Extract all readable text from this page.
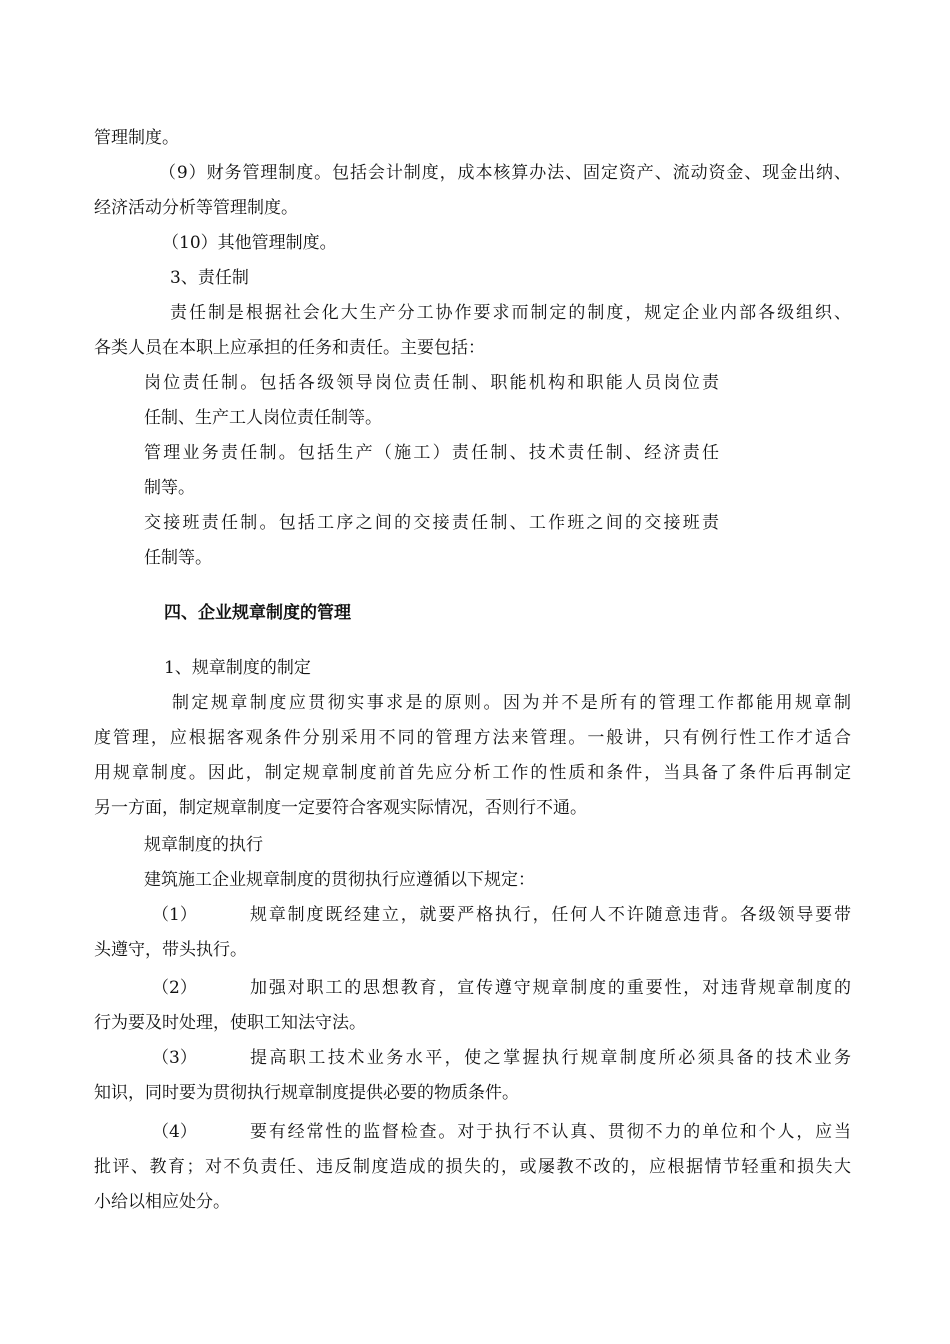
管理制度。

（9）财务管理制度。包括会计制度，成本核算办法、固定资产、流动资金、现金出纳、

经济活动分析等管理制度。

（10）其他管理制度。

3、责任制

责任制是根据社会化大生产分工协作要求而制定的制度，规定企业内部各级组织、

各类人员在本职上应承担的任务和责任。主要包括：

岗位责任制。包括各级领导岗位责任制、职能机构和职能人员岗位责

任制、生产工人岗位责任制等。

管理业务责任制。包括生产（施工）责任制、技术责任制、经济责任

制等。

交接班责任制。包括工序之间的交接责任制、工作班之间的交接班责

任制等。

四、企业规章制度的管理

1、规章制度的制定

制定规章制度应贯彻实事求是的原则。因为并不是所有的管理工作都能用规章制

度管理，应根据客观条件分别采用不同的管理方法来管理。一般讲，只有例行性工作才适合

用规章制度。因此，制定规章制度前首先应分析工作的性质和条件，当具备了条件后再制定

另一方面，制定规章制度一定要符合客观实际情况，否则行不通。

规章制度的执行

建筑施工企业规章制度的贯彻执行应遵循以下规定：

（1）	规章制度既经建立，就要严格执行，任何人不许随意违背。各级领导要带

头遵守，带头执行。

（2）	加强对职工的思想教育，宣传遵守规章制度的重要性，对违背规章制度的

行为要及时处理，使职工知法守法。

（3）	提高职工技术业务水平，使之掌握执行规章制度所必须具备的技术业务

知识，同时要为贯彻执行规章制度提供必要的物质条件。

（4）	要有经常性的监督检查。对于执行不认真、贯彻不力的单位和个人，应当

批评、教育；对不负责任、违反制度造成的损失的，或屡教不改的，应根据情节轻重和损失大

小给以相应处分。
